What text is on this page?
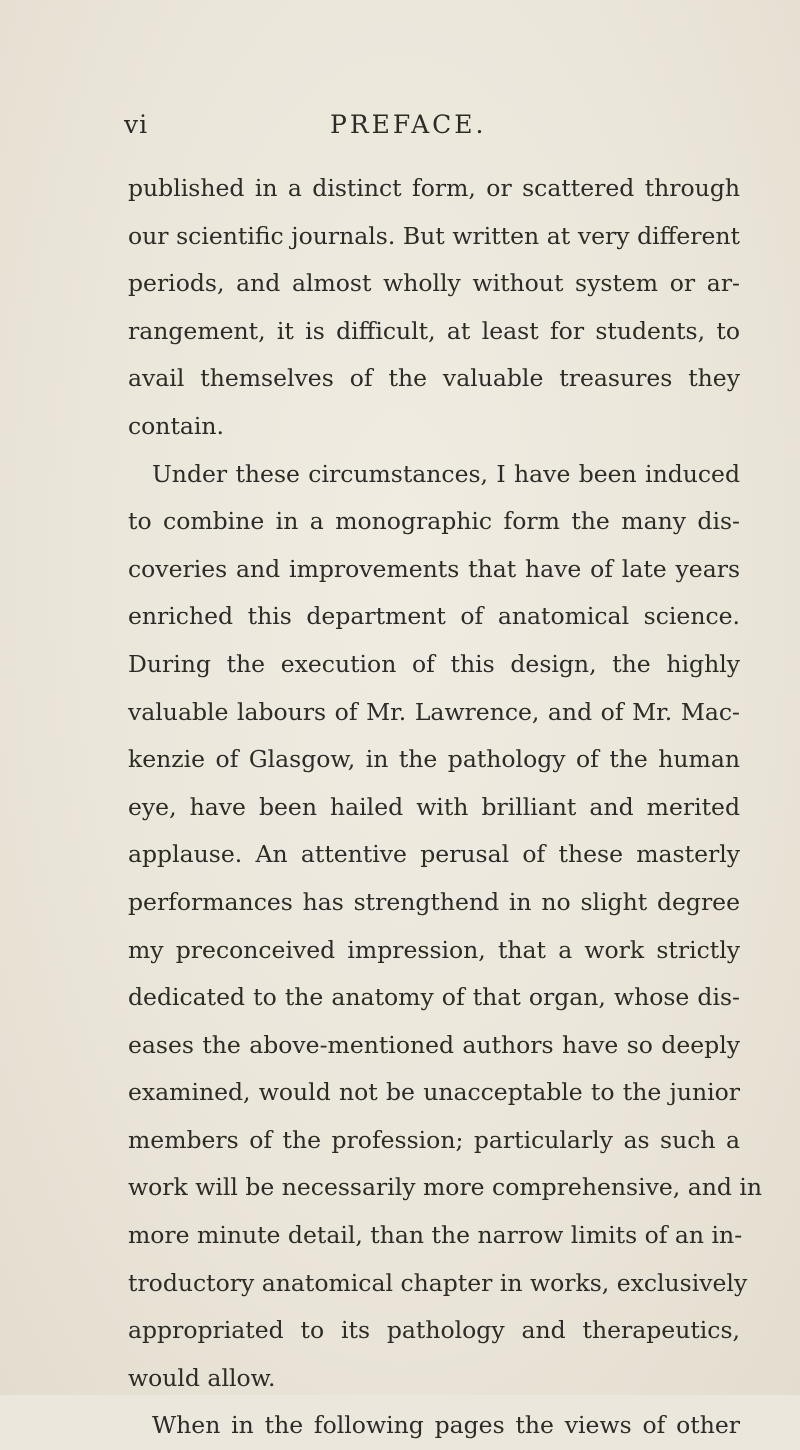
vi	PREFACE.
published in a distinct form, or scattered through
our scientific journals. But written at very different
periods, and almost wholly without system or ar-
rangement, it is difficult, at least for students, to
avail themselves of the valuable treasures they
contain.
Under these circumstances, I have been induced
to combine in a monographic form the many dis-
coveries and improvements that have of late years
enriched this department of anatomical science.
During the execution of this design, the highly
valuable labours of Mr. Lawrence, and of Mr. Mac-
kenzie of Glasgow, in the pathology of the human
eye, have been hailed with brilliant and merited
applause. An attentive perusal of these masterly
performances has strengthend in no slight degree
my preconceived impression, that a work strictly
dedicated to the anatomy of that organ, whose dis-
eases the above-mentioned authors have so deeply
examined, would not be unacceptable to the junior
members of the profession; particularly as such a
work will be necessarily more comprehensive, and in
more minute detail, than the narrow limits of an in-
troductory anatomical chapter in works, exclusively
appropriated to its pathology and therapeutics,
would allow.
When in the following pages the views of other
